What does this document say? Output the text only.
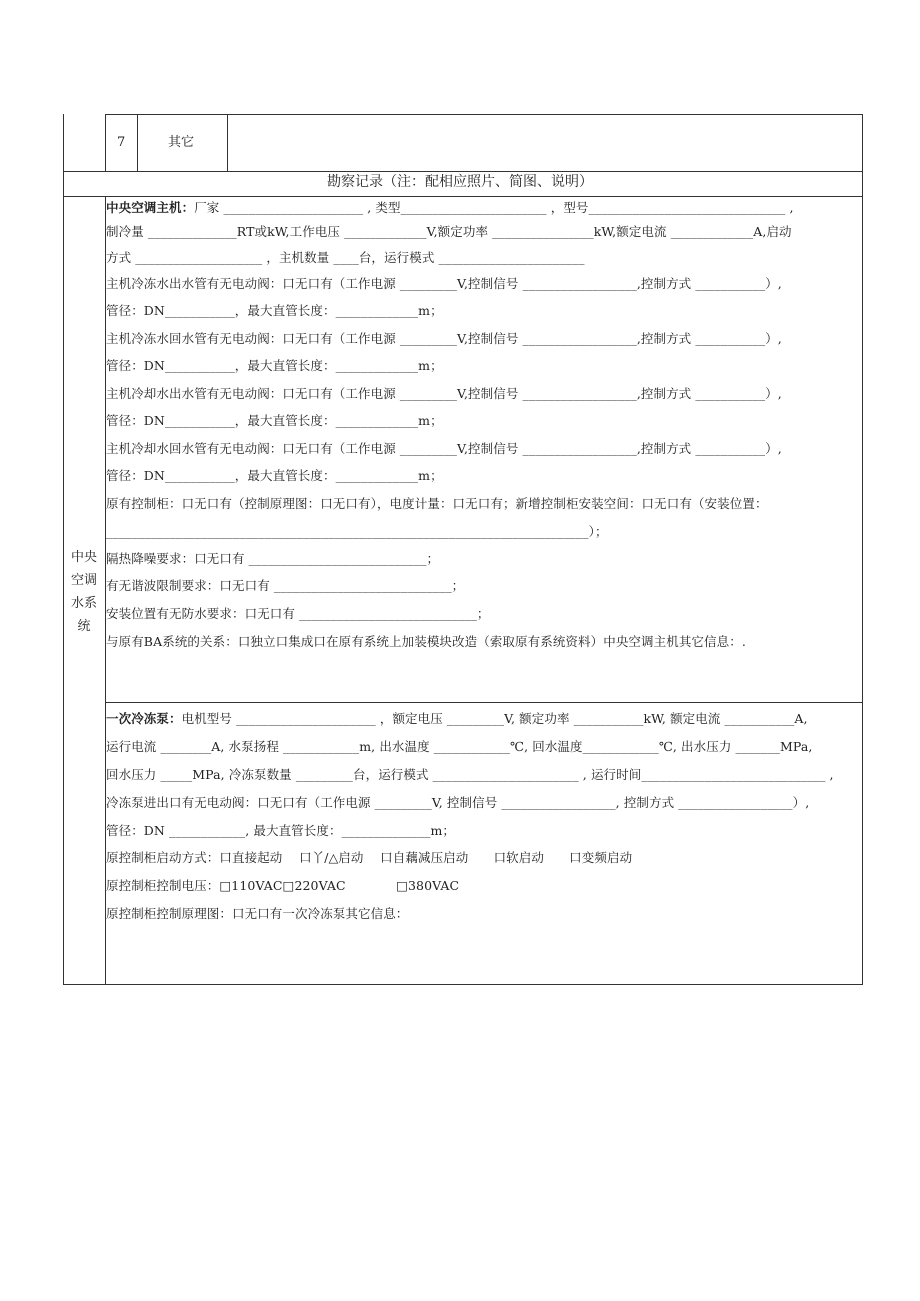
7	其它
勘察记录（注：配相应照片、简图、说明）
中央
空调
水系
统
中央空调主机：厂家 ______________________ , 类型_______________________ ，型号_______________________________ ,
制冷量 ______________RT或kW,工作电压 _____________V,额定功率 ________________kW,额定电流 _____________A,启动
方式 ____________________ ，主机数量 ____台，运行模式 _______________________
主机冷冻水出水管有无电动阀：口无口有（工作电源 _________V,控制信号 __________________,控制方式 ___________）,
管径：DN___________，最大直管长度：_____________m；
主机冷冻水回水管有无电动阀：口无口有（工作电源 _________V,控制信号 __________________,控制方式 ___________）,
管径：DN___________，最大直管长度：_____________m；
主机冷却水出水管有无电动阀：口无口有（工作电源 _________V,控制信号 __________________,控制方式 ___________）,
管径：DN___________，最大直管长度：_____________m；
主机冷却水回水管有无电动阀：口无口有（工作电源 _________V,控制信号 __________________,控制方式 ___________）,
管径：DN___________，最大直管长度：_____________m；
原有控制柜：口无口有（控制原理图：口无口有），电度计量：口无口有；新增控制柜安装空间：口无口有（安装位置：
____________________________________________________________________________）；
隔热降噪要求：口无口有 ____________________________；
有无谐波限制要求：口无口有 ____________________________；
安装位置有无防水要求：口无口有 ____________________________；
与原有BA系统的关系：口独立口集成口在原有系统上加装模块改造（索取原有系统资料）中央空调主机其它信息：.
一次冷冻泵：电机型号 ______________________ ，额定电压 _________V, 额定功率 ___________kW, 额定电流 ___________A,
运行电流 ________A, 水泵扬程 ____________m, 出水温度 ____________℃, 回水温度____________℃, 出水压力 _______MPa,
回水压力 _____MPa, 冷冻泵数量 _________台，运行模式 _______________________ , 运行时间_____________________________ ,
冷冻泵进出口有无电动阀：口无口有（工作电源 _________V, 控制信号 __________________, 控制方式 __________________）,
管径：DN ____________, 最大直管长度：______________m；
原控制柜启动方式：口直接起动　 口丫/△启动　 口自藕减压启动　　口软启动　　口变频启动
原控制柜控制电压：□110VAC□220VAC　　　　□380VAC
原控制柜控制原理图：口无口有一次冷冻泵其它信息：
